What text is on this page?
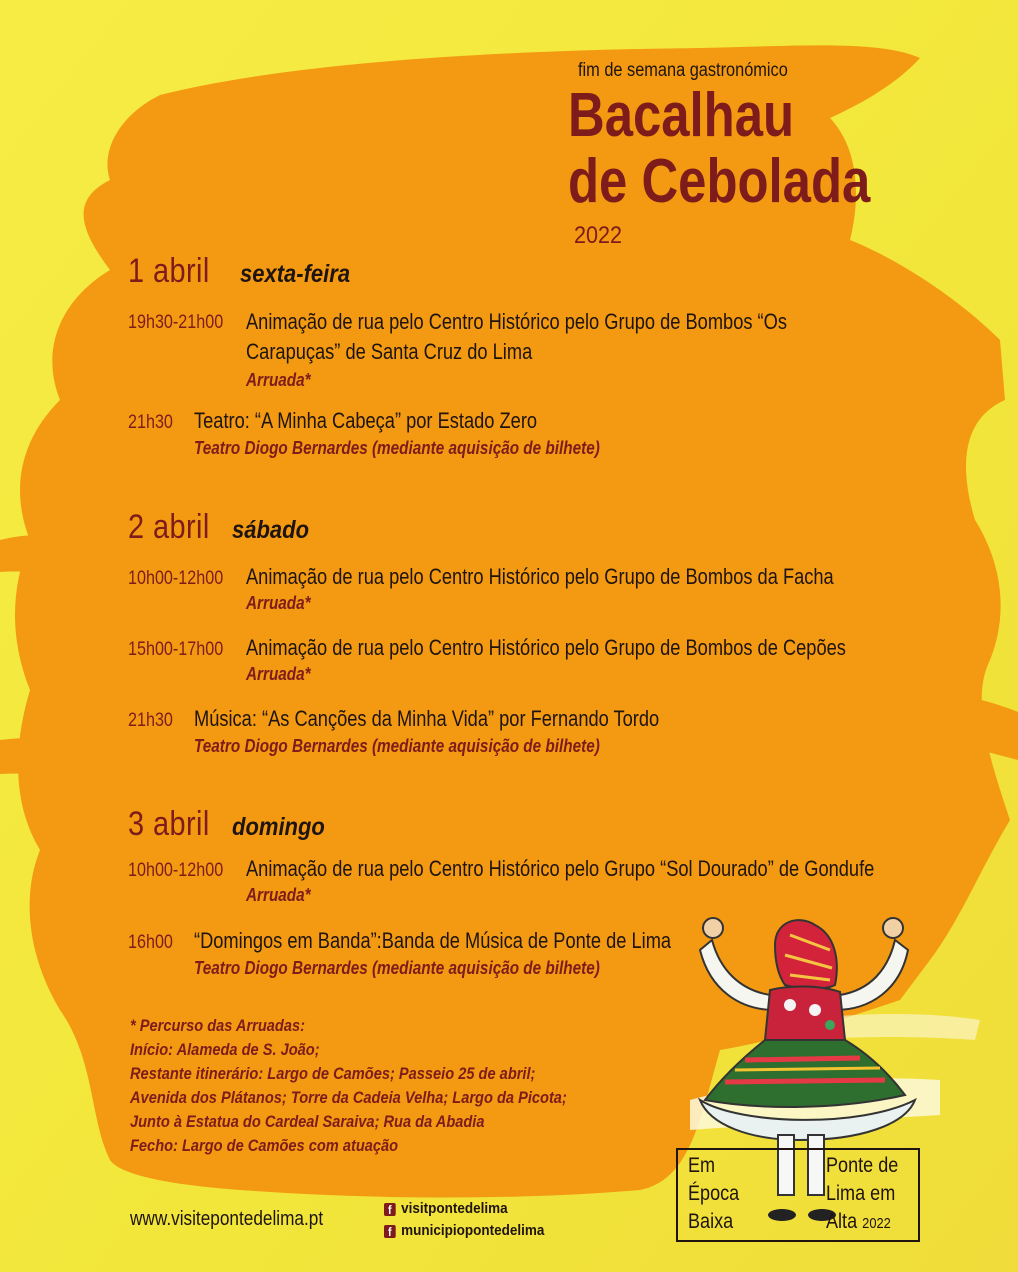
fim de semana gastronómico
Bacalhau
de Cebolada
2022
1 abril sexta-feira
19h30-21h00 Animação de rua pelo Centro Histórico pelo Grupo de Bombos “Os
Carapuças” de Santa Cruz do Lima
Arruada*
21h30 Teatro: “A Minha Cabeça” por Estado Zero
Teatro Diogo Bernardes (mediante aquisição de bilhete)
2 abril sábado
10h00-12h00 Animação de rua pelo Centro Histórico pelo Grupo de Bombos da Facha
Arruada*
15h00-17h00 Animação de rua pelo Centro Histórico pelo Grupo de Bombos de Cepões
Arruada*
21h30 Música: “As Canções da Minha Vida” por Fernando Tordo
Teatro Diogo Bernardes (mediante aquisição de bilhete)
3 abril domingo
10h00-12h00 Animação de rua pelo Centro Histórico pelo Grupo “Sol Dourado” de Gondufe
Arruada*
16h00 “Domingos em Banda”:Banda de Música de Ponte de Lima
Teatro Diogo Bernardes (mediante aquisição de bilhete)
* Percurso das Arruadas:
Início: Alameda de S. João;
Restante itinerário: Largo de Camões; Passeio 25 de abril;
Avenida dos Plátanos; Torre da Cadeia Velha; Largo da Picota;
Junto à Estatua do Cardeal Saraiva; Rua da Abadia
Fecho: Largo de Camões com atuação
www.visitepontedelima.pt	f visitpontedelima
f municipiopontedelima
Em
Época
Baixa
Ponte de
Lima em
Alta 2022
